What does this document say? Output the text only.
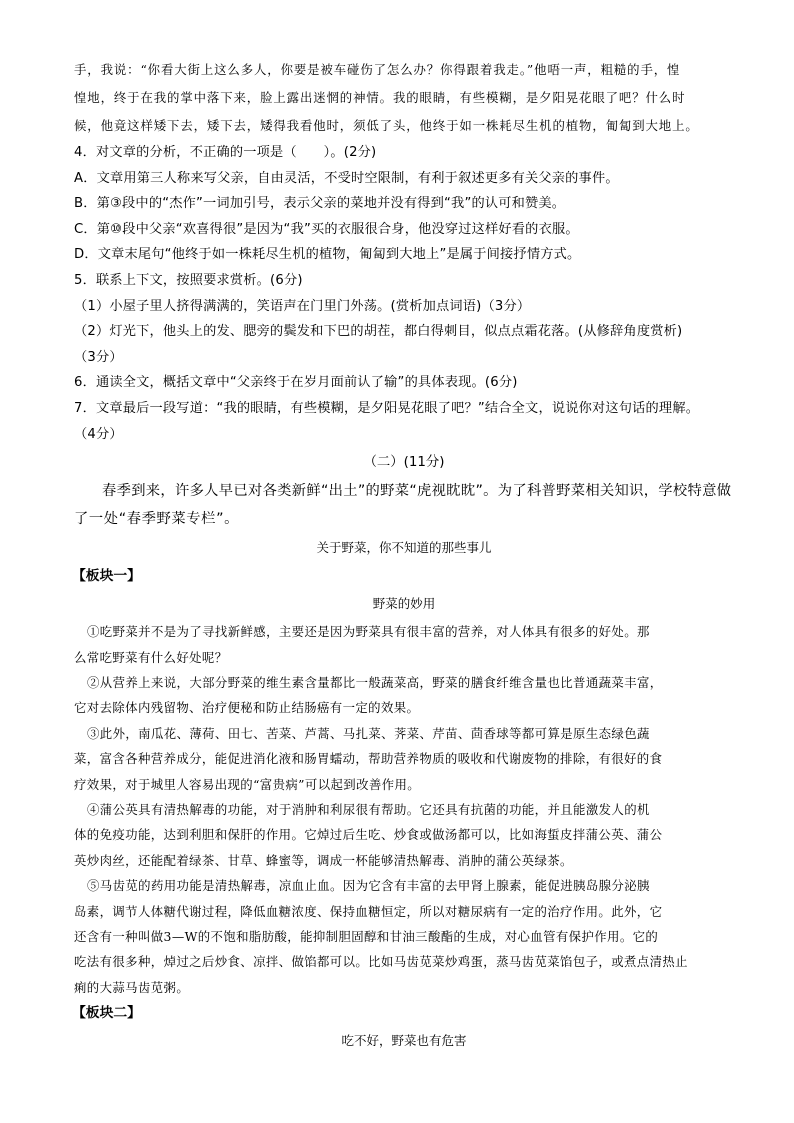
手，我说：“你看大街上这么多人，你要是被车碰伤了怎么办？你得跟着我走。”他唔一声，粗糙的手，惶

惶地，终于在我的掌中落下来，脸上露出迷惘的神情。我的眼睛，有些模糊，是夕阳晃花眼了吧？什么时

候，他竟这样矮下去，矮下去，矮得我看他时，须低了头，他终于如一株耗尽生机的植物，匍匐到大地上。

4．对文章的分析，不正确的一项是（　　）。(2分)

A．文章用第三人称来写父亲，自由灵活，不受时空限制，有利于叙述更多有关父亲的事件。

B．第③段中的“杰作”一词加引号，表示父亲的菜地并没有得到“我”的认可和赞美。

C．第⑩段中父亲“欢喜得很”是因为“我”买的衣服很合身，他没穿过这样好看的衣服。

D．文章末尾句“他终于如一株耗尽生机的植物，匍匐到大地上”是属于间接抒情方式。

5．联系上下文，按照要求赏析。(6分)

（1）小屋子里人挤得满满的，笑语声在门里门外荡。(赏析加点词语)（3分）

（2）灯光下，他头上的发、腮旁的鬓发和下巴的胡茬，都白得刺目，似点点霜花落。(从修辞角度赏析)

（3分）

6．通读全文，概括文章中“父亲终于在岁月面前认了输”的具体表现。(6分)

7．文章最后一段写道：“我的眼睛，有些模糊，是夕阳晃花眼了吧？”结合全文，说说你对这句话的理解。

（4分）

（二）(11分)

春季到来，许多人早已对各类新鲜“出土”的野菜“虎视眈眈”。为了科普野菜相关知识，学校特意做

了一处“春季野菜专栏”。

关于野菜，你不知道的那些事儿

【板块一】

野菜的妙用

①吃野菜并不是为了寻找新鲜感，主要还是因为野菜具有很丰富的营养，对人体具有很多的好处。那

么常吃野菜有什么好处呢？

②从营养上来说，大部分野菜的维生素含量都比一般蔬菜高，野菜的膳食纤维含量也比普通蔬菜丰富，

它对去除体内残留物、治疗便秘和防止结肠癌有一定的效果。

③此外，南瓜花、薄荷、田七、苦菜、芦蒿、马扎菜、荠菜、芹苗、茴香球等都可算是原生态绿色蔬

菜，富含各种营养成分，能促进消化液和肠胃蠕动，帮助营养物质的吸收和代谢废物的排除，有很好的食

疗效果，对于城里人容易出现的“富贵病”可以起到改善作用。

④蒲公英具有清热解毒的功能，对于消肿和利尿很有帮助。它还具有抗菌的功能，并且能激发人的机

体的免疫功能，达到利胆和保肝的作用。它焯过后生吃、炒食或做汤都可以，比如海蜇皮拌蒲公英、蒲公

英炒肉丝，还能配着绿茶、甘草、蜂蜜等，调成一杯能够清热解毒、消肿的蒲公英绿茶。

⑤马齿苋的药用功能是清热解毒，凉血止血。因为它含有丰富的去甲肾上腺素，能促进胰岛腺分泌胰

岛素，调节人体糖代谢过程，降低血糖浓度、保持血糖恒定，所以对糖尿病有一定的治疗作用。此外，它

还含有一种叫做3—W的不饱和脂肪酸，能抑制胆固醇和甘油三酸酯的生成，对心血管有保护作用。它的

吃法有很多种，焯过之后炒食、凉拌、做馅都可以。比如马齿苋菜炒鸡蛋，蒸马齿苋菜馅包子，或煮点清热止

痢的大蒜马齿苋粥。

【板块二】

吃不好，野菜也有危害
